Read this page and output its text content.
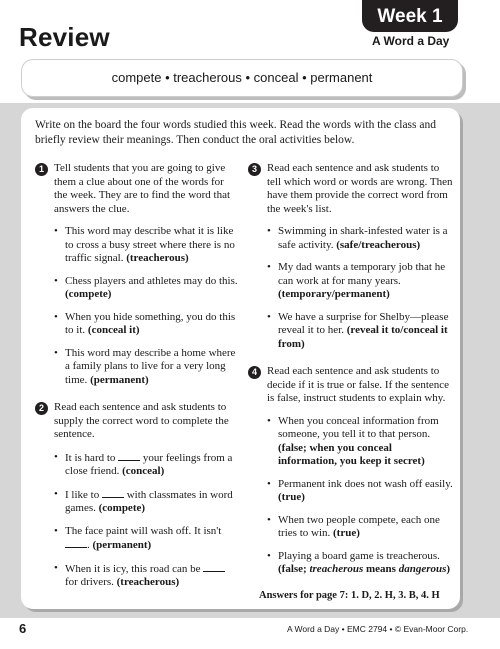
Review
Week 1
A Word a Day
compete • treacherous • conceal • permanent
Write on the board the four words studied this week. Read the words with the class and briefly review their meanings. Then conduct the oral activities below.
1 Tell students that you are going to give them a clue about one of the words for the week. They are to find the word that answers the clue.
• This word may describe what it is like to cross a busy street where there is no traffic signal. (treacherous)
• Chess players and athletes may do this. (compete)
• When you hide something, you do this to it. (conceal it)
• This word may describe a home where a family plans to live for a very long time. (permanent)
2 Read each sentence and ask students to supply the correct word to complete the sentence.
• It is hard to	your feelings from a close friend. (conceal)
• I like to	with classmates in word games. (compete)
• The face paint will wash off. It isn't . (permanent)
• When it is icy, this road can be  for drivers. (treacherous)
3 Read each sentence and ask students to tell which word or words are wrong. Then have them provide the correct word from the week's list.
• Swimming in shark-infested water is a safe activity. (safe/treacherous)
• My dad wants a temporary job that he can work at for many years. (temporary/permanent)
• We have a surprise for Shelby—please reveal it to her. (reveal it to/conceal it from)
4 Read each sentence and ask students to decide if it is true or false. If the sentence is false, instruct students to explain why.
• When you conceal information from someone, you tell it to that person. (false; when you conceal information, you keep it secret)
• Permanent ink does not wash off easily. (true)
• When two people compete, each one tries to win. (true)
• Playing a board game is treacherous. (false; treacherous means dangerous)
Answers for page 7: 1. D, 2. H, 3. B, 4. H
6	A Word a Day • EMC 2794 • © Evan-Moor Corp.
